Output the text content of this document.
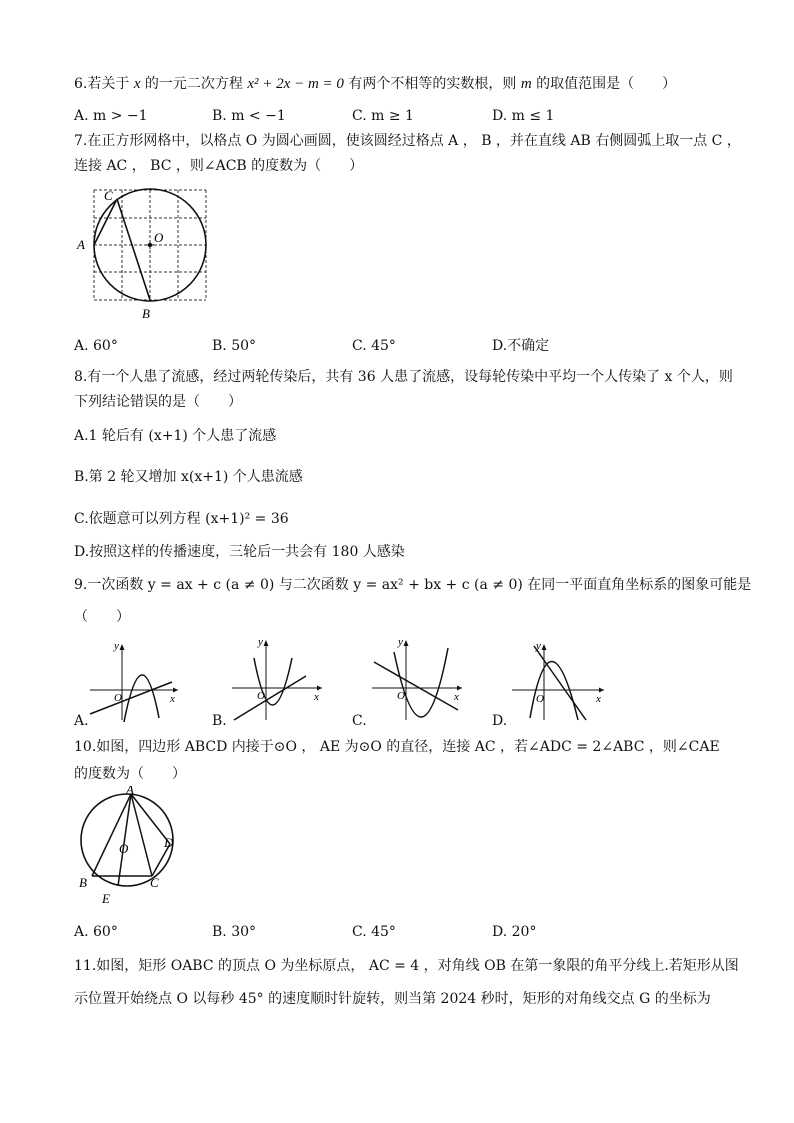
6.若关于 x 的一元二次方程 x² + 2x − m = 0 有两个不相等的实数根，则 m 的取值范围是（　　）
A. m > −1	B. m < −1	C. m ≥ 1	D. m ≤ 1
7.在正方形网格中，以格点 O 为圆心画圆，使该圆经过格点 A ， B ，并在直线 AB 右侧圆弧上取一点 C ，
连接 AC ， BC ，则∠ACB 的度数为（　　）
A
C
O
B
A. 60°	B. 50°	C. 45°	D.不确定
8.有一个人患了流感，经过两轮传染后，共有 36 人患了流感，设每轮传染中平均一个人传染了 x 个人，则
下列结论错误的是（　　）
A.1 轮后有 (x+1) 个人患了流感
B.第 2 轮又增加 x(x+1) 个人患流感
C.依题意可以列方程 (x+1)² = 36
D.按照这样的传播速度，三轮后一共会有 180 人感染
9.一次函数 y = ax + c (a ≠ 0) 与二次函数 y = ax² + bx + c (a ≠ 0) 在同一平面直角坐标系的图象可能是
（　　）
y
x
O
A.
y
x
O
B.
y
x
O
C.
y
x
O
D.
10.如图，四边形 ABCD 内接于⊙O ， AE 为⊙O 的直径，连接 AC ，若∠ADC = 2∠ABC ，则∠CAE
的度数为（　　）
A
O	D
B	C
E
A. 60°	B. 30°	C. 45°	D. 20°
11.如图，矩形 OABC 的顶点 O 为坐标原点， AC = 4 ，对角线 OB 在第一象限的角平分线上.若矩形从图
示位置开始绕点 O 以每秒 45° 的速度顺时针旋转，则当第 2024 秒时，矩形的对角线交点 G 的坐标为
